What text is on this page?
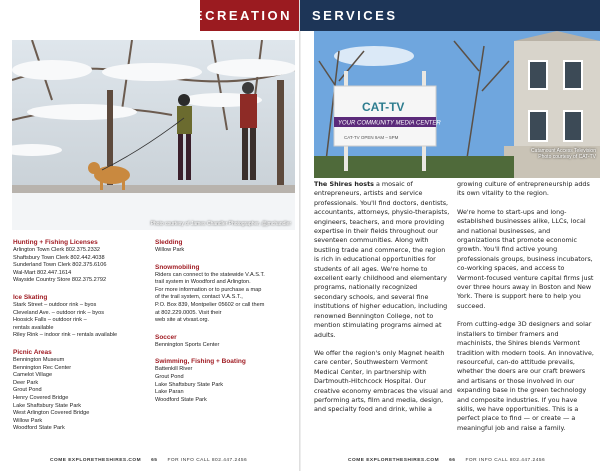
RECREATION
Photo courtesy of James Chandler Photographer, @jmchandler
Hunting + Fishing Licenses
Arlington Town Clerk 802.375.2332
Shaftsbury Town Clerk 802.442.4038
Sunderland Town Clerk 802.375.6106
Wal-Mart 802.447.1614
Wayside Country Store 802.375.2792
Ice Skating
Stark Street – outdoor rink – byos
Cleveland Ave. – outdoor rink – byos
Hoosick Falls – outdoor rink –
rentals available
Riley Rink – indoor rink – rentals available
Picnic Areas
Bennington Museum
Bennington Rec Center
Camelot Village
Deer Park
Grout Pond
Henry Covered Bridge
Lake Shaftsbury State Park
West Arlington Covered Bridge
Willow Park
Woodford State Park
Sledding
Willow Park
Snowmobiling
Riders can connect to the statewide V.A.S.T.
trail system in Woodford and Arlington.
For more information or to purchase a map
of the trail system, contact V.A.S.T.,
P.O. Box 839, Montpelier 05602 or call them
at 802.229.0005. Visit their
web site at vtvast.org.
Soccer
Bennington Sports Center
Swimming, Fishing + Boating
Battenkill River
Grout Pond
Lake Shaftsbury State Park
Lake Paran
Woodford State Park
COME EXPLORETHESHIRES.COM 65 FOR INFO CALL 802.447.2456
SERVICES
CAT-TV
YOUR COMMUNITY MEDIA CENTER
CAT-TV OPEN 9AM – 5PM
Catamount Access Television
Photo courtesy of CAT-TV

The Shires hosts a mosaic of entrepreneurs, artists and service professionals. You'll find doctors, dentists, accountants, attorneys, physio-therapists, engineers, teachers, and more providing expertise in their fields throughout our seventeen communities. Along with bustling trade and commerce, the region is rich in educational opportunities for students of all ages. We're home to excellent early childhood and elementary programs, nationally recognized secondary schools, and several fine institutions of higher education, including renowned Bennington College, not to mention stimulating programs aimed at adults.

We offer the region's only Magnet health care center, Southwestern Vermont Medical Center, in partnership with Dartmouth-Hitchcock Hospital. Our creative economy embraces the visual and performing arts, film and media, design, and specialty food and drink, while a

growing culture of entrepreneurship adds its own vitality to the region.

We're home to start-ups and long-established businesses alike, LLCs, local and national businesses, and organizations that promote economic growth. You'll find active young professionals groups, business incubators, co-working spaces, and access to Vermont-focused venture capital firms just over three hours away in Boston and New York. There is support here to help you succeed.

From cutting-edge 3D designers and solar installers to timber framers and machinists, the Shires blends Vermont tradition with modern tools. An innovative, resourceful, can-do attitude prevails, whether the doers are our craft brewers and artisans or those involved in our expanding base in the green technology and composite industries. If you have skills, we have opportunities. This is a perfect place to find — or create — a meaningful job and raise a family.

COME EXPLORETHESHIRES.COM 66 FOR INFO CALL 802.447.2456
